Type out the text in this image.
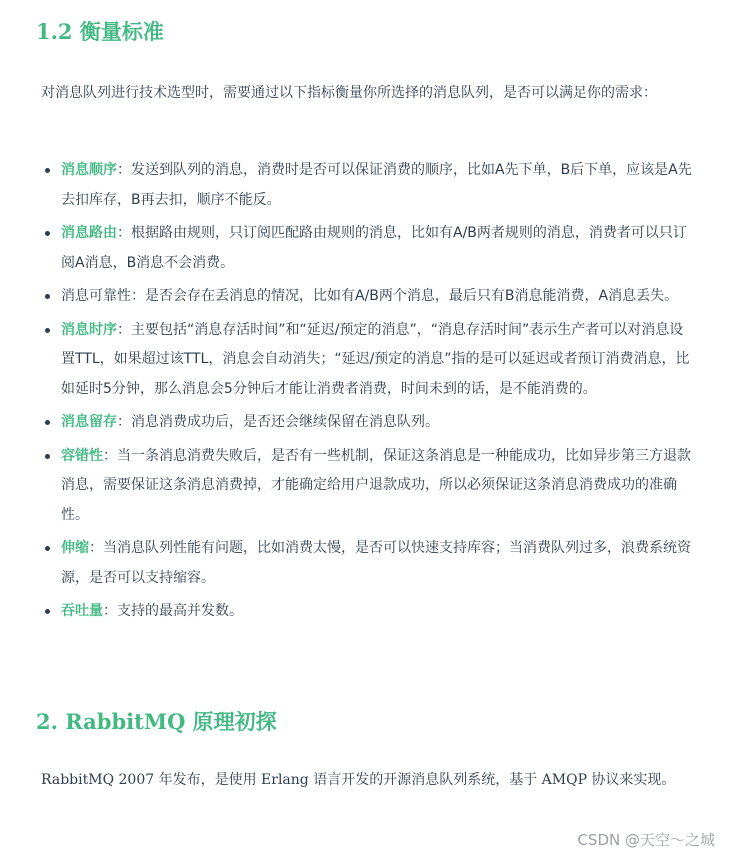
1.2 衡量标准

对消息队列进行技术选型时，需要通过以下指标衡量你所选择的消息队列，是否可以满足你的需求：

消息顺序：发送到队列的消息，消费时是否可以保证消费的顺序，比如A先下单，B后下单，应该是A先去扣库存，B再去扣，顺序不能反。
消息路由：根据路由规则，只订阅匹配路由规则的消息，比如有A/B两者规则的消息，消费者可以只订阅A消息，B消息不会消费。
消息可靠性：是否会存在丢消息的情况，比如有A/B两个消息，最后只有B消息能消费，A消息丢失。
消息时序：主要包括“消息存活时间”和“延迟/预定的消息”，“消息存活时间”表示生产者可以对消息设置TTL，如果超过该TTL，消息会自动消失；“延迟/预定的消息”指的是可以延迟或者预订消费消息，比如延时5分钟，那么消息会5分钟后才能让消费者消费，时间未到的话，是不能消费的。
消息留存：消息消费成功后，是否还会继续保留在消息队列。
容错性：当一条消息消费失败后，是否有一些机制，保证这条消息是一种能成功，比如异步第三方退款消息，需要保证这条消息消费掉，才能确定给用户退款成功，所以必须保证这条消息消费成功的准确性。
伸缩：当消息队列性能有问题，比如消费太慢，是否可以快速支持库容；当消费队列过多，浪费系统资源，是否可以支持缩容。
吞吐量：支持的最高并发数。
2. RabbitMQ 原理初探

RabbitMQ 2007 年发布，是使用 Erlang 语言开发的开源消息队列系统，基于 AMQP 协议来实现。

CSDN @天空～之城
